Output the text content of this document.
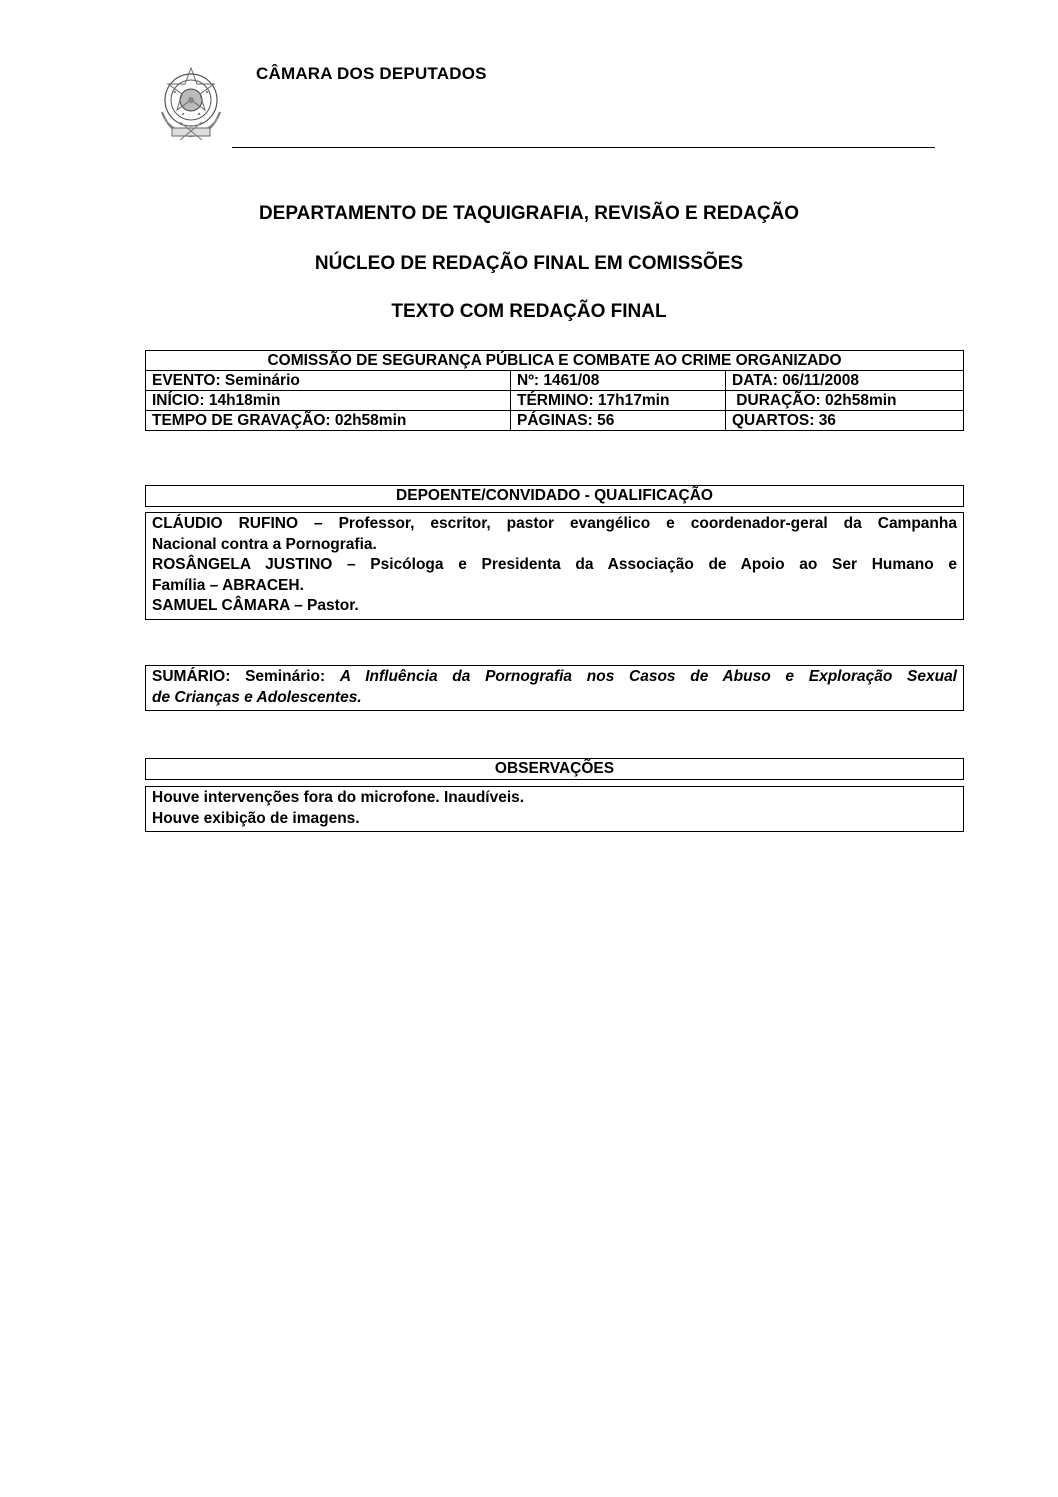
CÂMARA DOS DEPUTADOS
DEPARTAMENTO DE TAQUIGRAFIA, REVISÃO E REDAÇÃO
NÚCLEO DE REDAÇÃO FINAL EM COMISSÕES
TEXTO COM REDAÇÃO FINAL
COMISSÃO DE SEGURANÇA PÚBLICA E COMBATE AO CRIME ORGANIZADO		
EVENTO: Seminário	Nº: 1461/08	DATA: 06/11/2008
INÍCIO: 14h18min	TÉRMINO: 17h17min	DURAÇÃO: 02h58min
TEMPO DE GRAVAÇÃO: 02h58min	PÁGINAS: 56	QUARTOS: 36
DEPOENTE/CONVIDADO - QUALIFICAÇÃO
CLÁUDIO RUFINO – Professor, escritor, pastor evangélico e coordenador-geral da Campanha
Nacional contra a Pornografia.
ROSÂNGELA JUSTINO – Psicóloga e Presidenta da Associação de Apoio ao Ser Humano e
Família – ABRACEH.
SAMUEL CÂMARA – Pastor.
SUMÁRIO: Seminário: A Influência da Pornografia nos Casos de Abuso e Exploração Sexual
de Crianças e Adolescentes.
OBSERVAÇÕES
Houve intervenções fora do microfone. Inaudíveis.
Houve exibição de imagens.
